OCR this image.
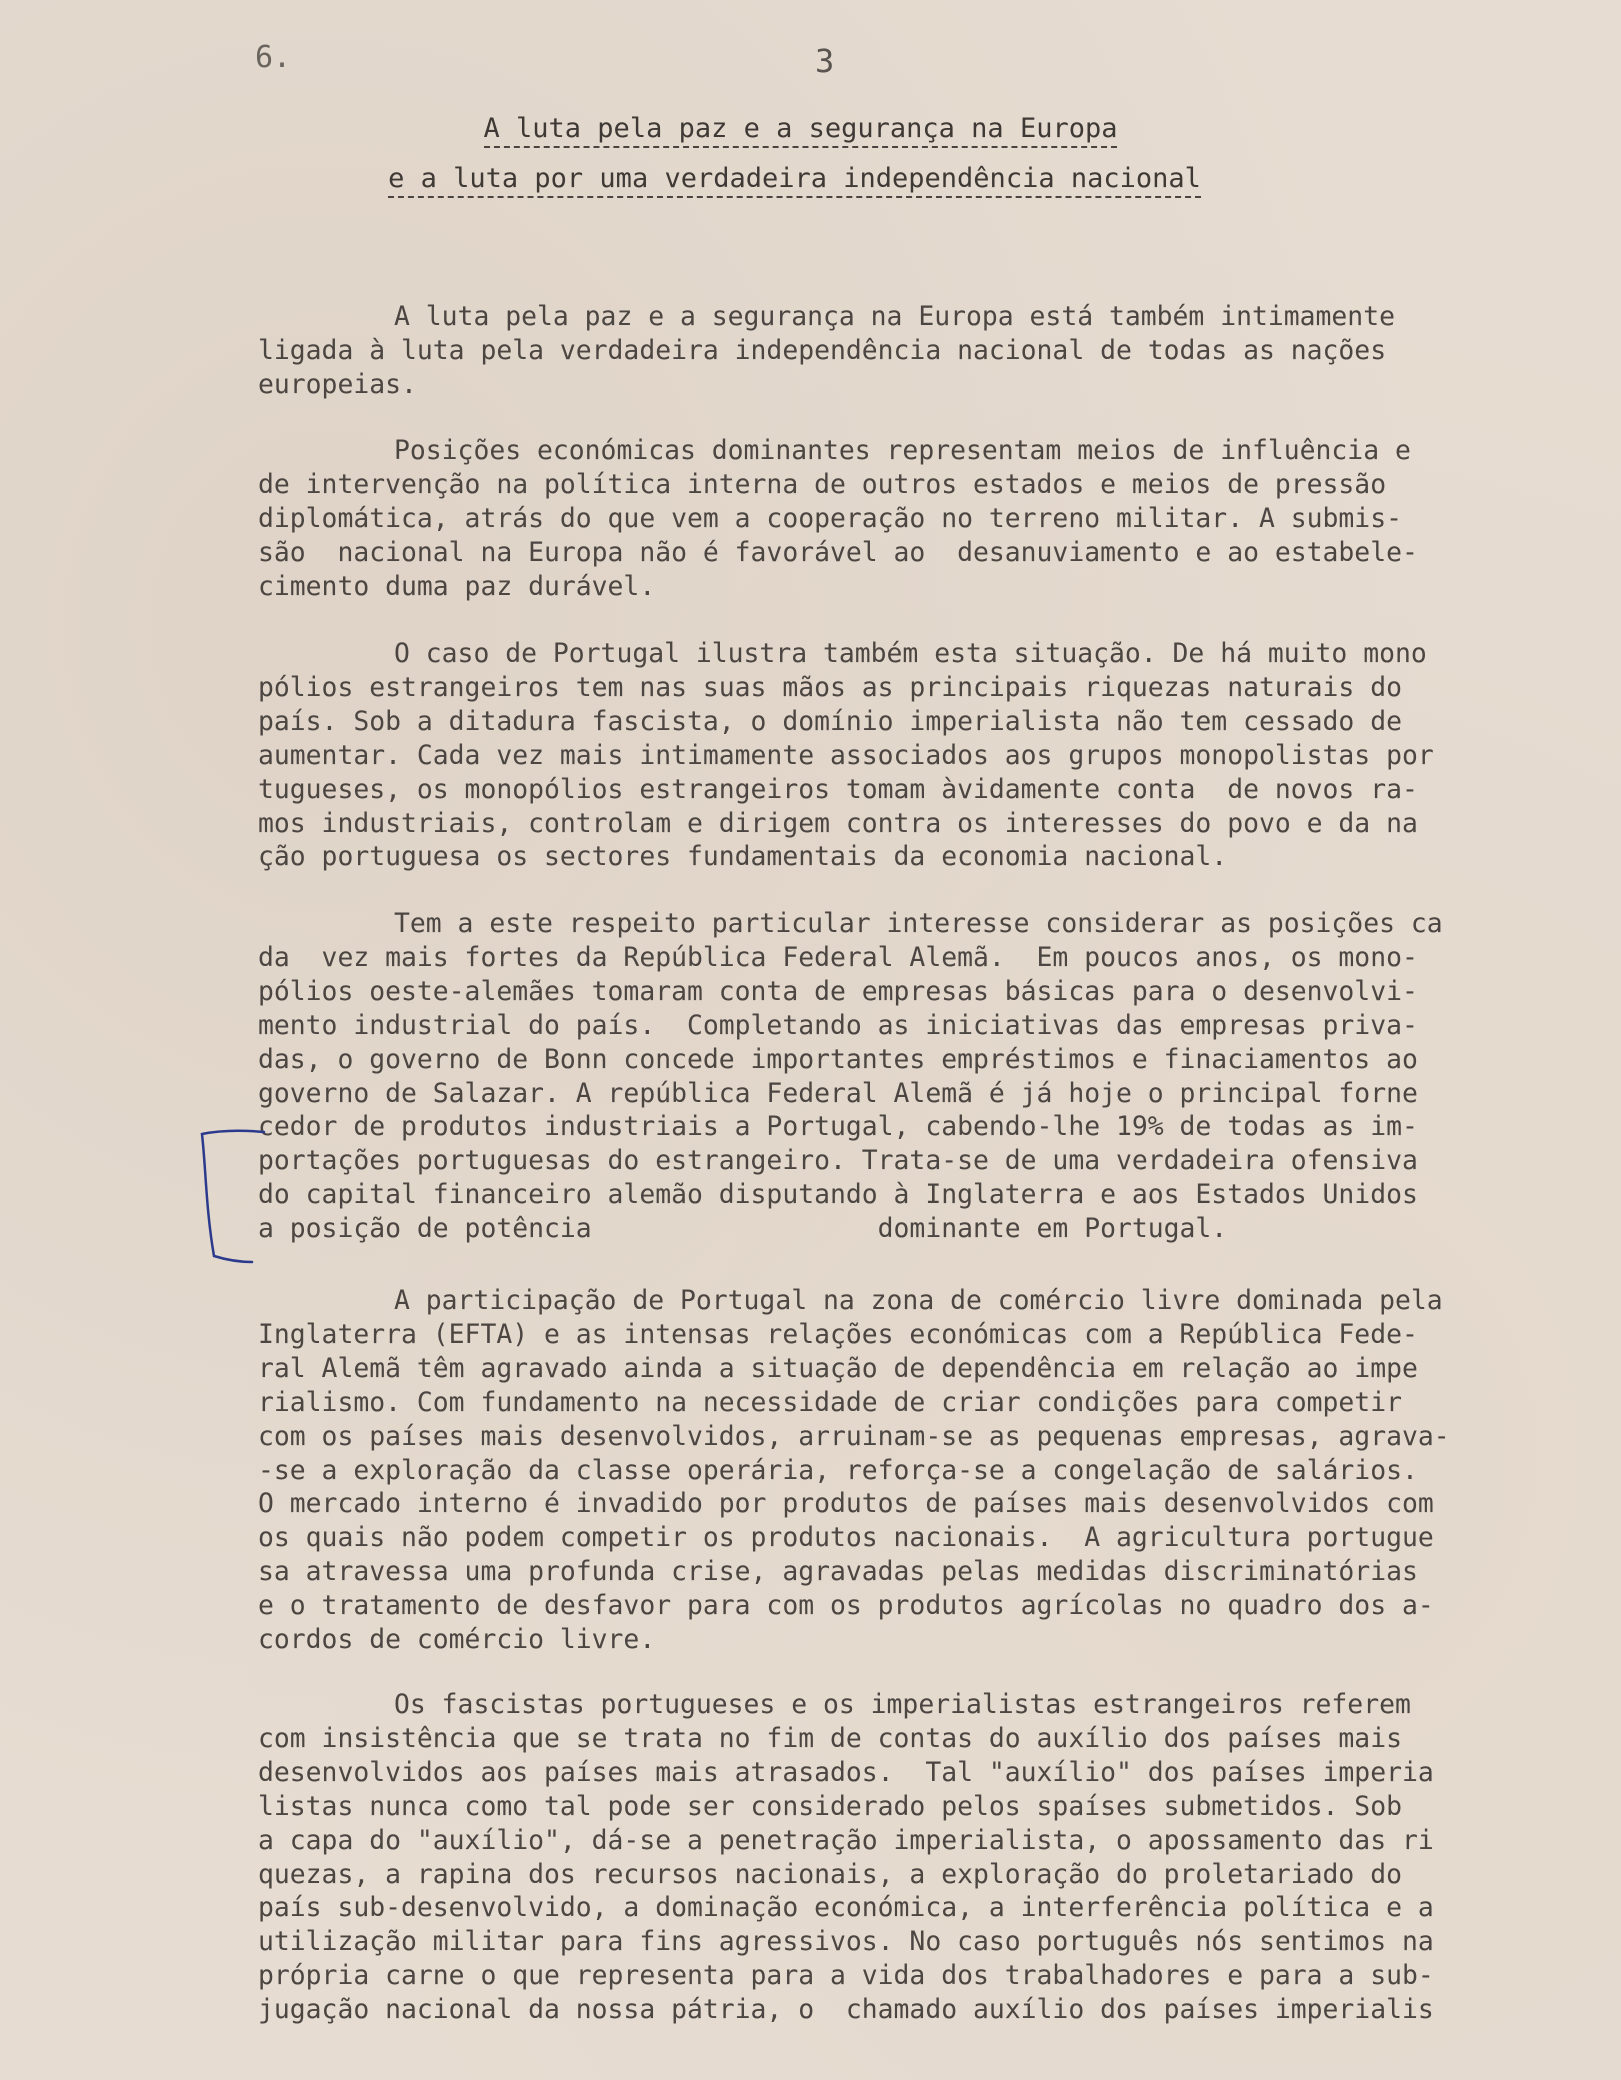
6.	3
A luta pela paz e a segurança na Europa
e a luta por uma verdadeira independência nacional
A luta pela paz e a segurança na Europa está também intimamente
ligada à luta pela verdadeira independência nacional de todas as nações
europeias.
Posições económicas dominantes representam meios de influência e
de intervenção na política interna de outros estados e meios de pressão
diplomática, atrás do que vem a cooperação no terreno militar. A submis-
são  nacional na Europa não é favorável ao  desanuviamento e ao estabele-
cimento duma paz durável.
O caso de Portugal ilustra também esta situação. De há muito mono
pólios estrangeiros tem nas suas mãos as principais riquezas naturais do
país. Sob a ditadura fascista, o domínio imperialista não tem cessado de
aumentar. Cada vez mais intimamente associados aos grupos monopolistas por
tugueses, os monopólios estrangeiros tomam àvidamente conta  de novos ra-
mos industriais, controlam e dirigem contra os interesses do povo e da na
ção portuguesa os sectores fundamentais da economia nacional.
Tem a este respeito particular interesse considerar as posições ca
da  vez mais fortes da República Federal Alemã.  Em poucos anos, os mono-
pólios oeste-alemães tomaram conta de empresas básicas para o desenvolvi-
mento industrial do país.  Completando as iniciativas das empresas priva-
das, o governo de Bonn concede importantes empréstimos e finaciamentos ao
governo de Salazar. A república Federal Alemã é já hoje o principal forne
cedor de produtos industriais a Portugal, cabendo-lhe 19% de todas as im-
portações portuguesas do estrangeiro. Trata-se de uma verdadeira ofensiva
do capital financeiro alemão disputando à Inglaterra e aos Estados Unidos
a posição de potência                  dominante em Portugal.
A participação de Portugal na zona de comércio livre dominada pela
Inglaterra (EFTA) e as intensas relações económicas com a República Fede-
ral Alemã têm agravado ainda a situação de dependência em relação ao impe
rialismo. Com fundamento na necessidade de criar condições para competir
com os países mais desenvolvidos, arruinam-se as pequenas empresas, agrava-
-se a exploração da classe operária, reforça-se a congelação de salários.
O mercado interno é invadido por produtos de países mais desenvolvidos com
os quais não podem competir os produtos nacionais.  A agricultura portugue
sa atravessa uma profunda crise, agravadas pelas medidas discriminatórias
e o tratamento de desfavor para com os produtos agrícolas no quadro dos a-
cordos de comércio livre.
Os fascistas portugueses e os imperialistas estrangeiros referem
com insistência que se trata no fim de contas do auxílio dos países mais
desenvolvidos aos países mais atrasados.  Tal "auxílio" dos países imperia
listas nunca como tal pode ser considerado pelos spaíses submetidos. Sob
a capa do "auxílio", dá-se a penetração imperialista, o apossamento das ri
quezas, a rapina dos recursos nacionais, a exploração do proletariado do
país sub-desenvolvido, a dominação económica, a interferência política e a
utilização militar para fins agressivos. No caso português nós sentimos na
própria carne o que representa para a vida dos trabalhadores e para a sub-
jugação nacional da nossa pátria, o  chamado auxílio dos países imperialis
